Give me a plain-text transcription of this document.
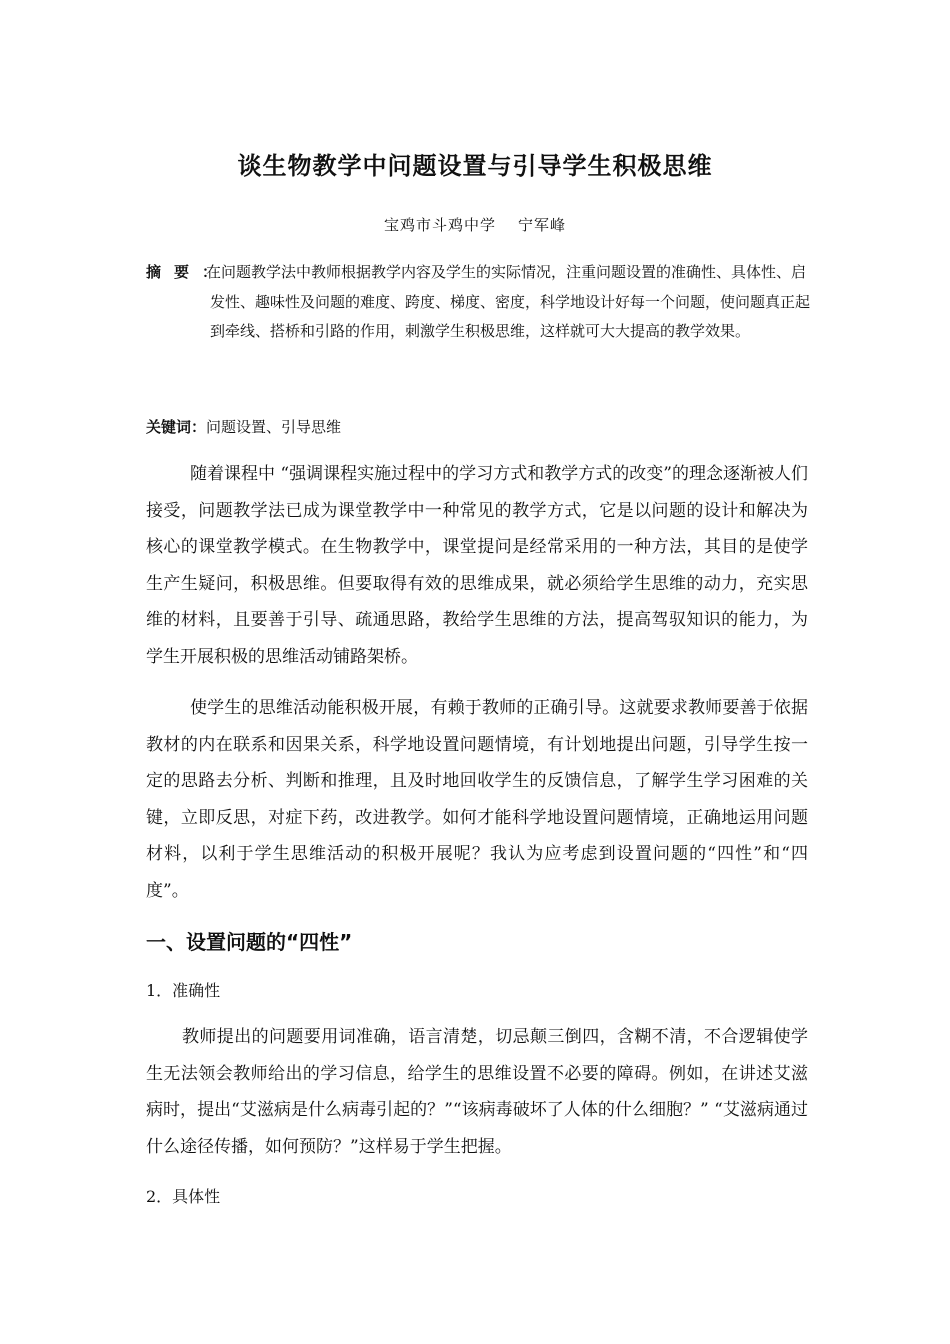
谈生物教学中问题设置与引导学生积极思维
宝鸡市斗鸡中学 宁军峰
摘要：
在问题教学法中教师根据教学内容及学生的实际情况，注重问题设置的准确性、具体性、启发性、趣味性及问题的难度、跨度、梯度、密度，科学地设计好每一个问题，使问题真正起到牵线、搭桥和引路的作用，刺激学生积极思维，这样就可大大提高的教学效果。
关键词：问题设置、引导思维

随着课程中 “强调课程实施过程中的学习方式和教学方式的改变”的理念逐渐被人们接受，问题教学法已成为课堂教学中一种常见的教学方式，它是以问题的设计和解决为核心的课堂教学模式。在生物教学中，课堂提问是经常采用的一种方法，其目的是使学生产生疑问，积极思维。但要取得有效的思维成果，就必须给学生思维的动力，充实思维的材料，且要善于引导、疏通思路，教给学生思维的方法，提高驾驭知识的能力，为学生开展积极的思维活动铺路架桥。

使学生的思维活动能积极开展，有赖于教师的正确引导。这就要求教师要善于依据教材的内在联系和因果关系，科学地设置问题情境，有计划地提出问题，引导学生按一定的思路去分析、判断和推理，且及时地回收学生的反馈信息，了解学生学习困难的关键，立即反思，对症下药，改进教学。如何才能科学地设置问题情境，正确地运用问题材料，以利于学生思维活动的积极开展呢？我认为应考虑到设置问题的“四性”和“四度”。

一、设置问题的“四性”
1．准确性

教师提出的问题要用词准确，语言清楚，切忌颠三倒四，含糊不清，不合逻辑使学生无法领会教师给出的学习信息，给学生的思维设置不必要的障碍。例如，在讲述艾滋病时，提出“艾滋病是什么病毒引起的？”“该病毒破坏了人体的什么细胞？” “艾滋病通过什么途径传播，如何预防？”这样易于学生把握。

2．具体性
